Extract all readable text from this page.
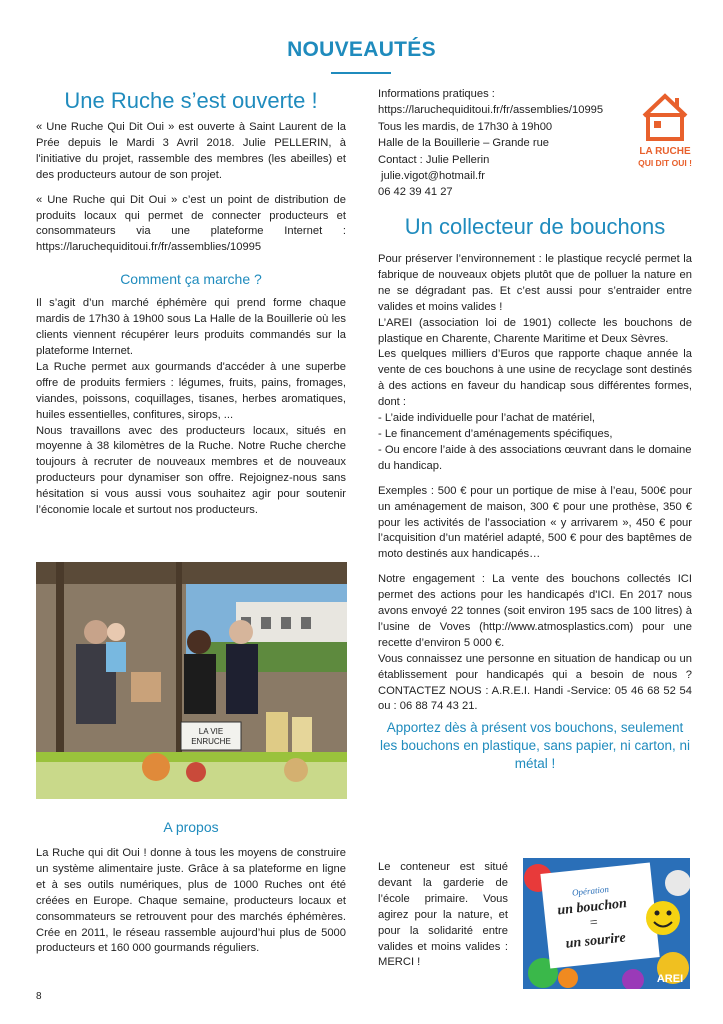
NOUVEAUTÉS
Une Ruche s’est ouverte !

« Une Ruche Qui Dit Oui » est ouverte à Saint Laurent de la Prée depuis le Mardi 3 Avril 2018. Julie PELLERIN, à l'initiative du projet, rassemble des membres (les abeilles) et des producteurs autour de son projet.

« Une Ruche qui Dit Oui » c’est un point de distribution de produits locaux qui permet de connecter producteurs et consommateurs via une plateforme Internet : https://laruchequiditoui.fr/fr/assemblies/10995

Comment ça marche ?

Il s’agit d’un marché éphémère qui prend forme chaque mardis de 17h30 à 19h00 sous La Halle de la Bouillerie où les clients viennent récupérer leurs produits commandés sur la plateforme Internet.

La Ruche permet aux gourmands d'accéder à une superbe offre de produits fermiers : légumes, fruits, pains, fromages, viandes, poissons, coquillages, tisanes, herbes aromatiques, huiles essentielles, confitures, sirops, ...

Nous travaillons avec des producteurs locaux, situés en moyenne à 38 kilomètres de la Ruche. Notre Ruche cherche toujours à recruter de nouveaux membres et de nouveaux producteurs pour dynamiser son offre. Rejoignez-nous sans hésitation si vous aussi vous souhaitez agir pour soutenir l’économie locale et surtout nos producteurs.

LA VIE
ENRUCHE
A propos

La Ruche qui dit Oui ! donne à tous les moyens de construire un système alimentaire juste. Grâce à sa plateforme en ligne et à ses outils numériques, plus de 1000 Ruches ont été créées en Europe. Chaque semaine, producteurs locaux et consommateurs se retrouvent pour des marchés éphémères. Crée en 2011, le réseau rassemble aujourd’hui plus de 5000 producteurs et 160 000 gourmands réguliers.

Informations pratiques :
https://laruchequiditoui.fr/fr/assemblies/10995
Tous les mardis, de 17h30 à 19h00
Halle de la Bouillerie – Grande rue
Contact : Julie Pellerin
julie.vigot@hotmail.fr
06 42 39 41 27
LA RUCHE
QUI DIT OUI !
Un collecteur de bouchons

Pour préserver l’environnement : le plastique recyclé permet la fabrique de nouveaux objets plutôt que de polluer la nature en ne se dégradant pas. Et c’est aussi pour s’entraider entre valides et moins valides !

L’AREI (association loi de 1901) collecte les bouchons de plastique en Charente, Charente Maritime et Deux Sèvres.

Les quelques milliers d’Euros que rapporte chaque année la vente de ces bouchons à une usine de recyclage sont destinés à des actions en faveur du handicap sous différentes formes, dont :

- L’aide individuelle pour l’achat de matériel,

- Le financement d’aménagements spécifiques,

- Ou encore l’aide à des associations œuvrant dans le domaine du handicap.

Exemples : 500 € pour un portique de mise à l’eau, 500€ pour un aménagement de maison, 300 € pour une prothèse, 350 € pour les activités de l’association « y arrivarem », 450 € pour l’acquisition d’un matériel adapté, 500 € pour des baptêmes de moto destinés aux handicapés…

Notre engagement : La vente des bouchons collectés ICI permet des actions pour les handicapés d'ICI. En 2017 nous avons envoyé 22 tonnes (soit environ 195 sacs de 100 litres) à l’usine de Voves (http://www.atmosplastics.com) pour une recette d’environ 5 000 €.

Vous connaissez une personne en situation de handicap ou un établissement pour handicapés qui a besoin de nous ? CONTACTEZ NOUS : A.R.E.I. Handi -Service: 05 46 68 52 54 ou : 06 88 74 43 21.

Apportez dès à présent vos bouchons, seulement les bouchons en plastique, sans papier, ni carton, ni métal !

Le conteneur est situé devant la garderie de l’école primaire. Vous agirez pour la nature, et pour la solidarité entre valides et moins valides : MERCI !

Opération
un bouchon
=
un sourire
AREI
8
